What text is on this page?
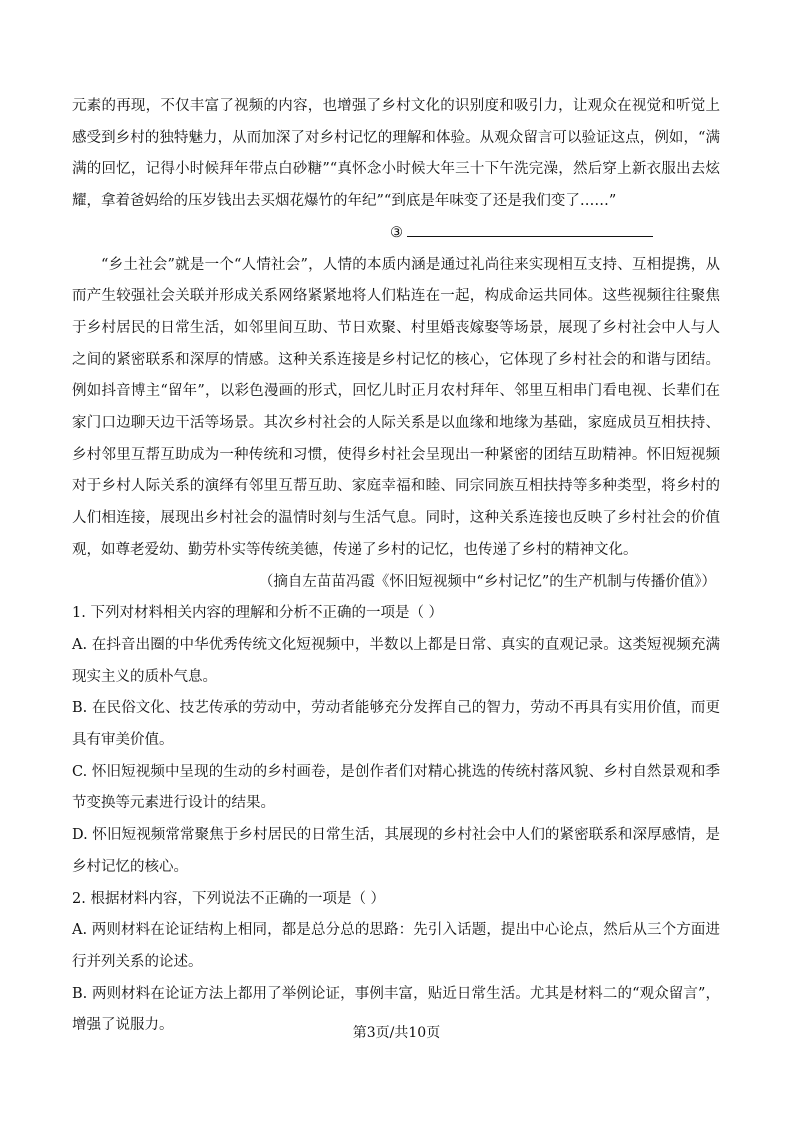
元素的再现，不仅丰富了视频的内容，也增强了乡村文化的识别度和吸引力，让观众在视觉和听觉上感受到乡村的独特魅力，从而加深了对乡村记忆的理解和体验。从观众留言可以验证这点，例如，“满满的回忆，记得小时候拜年带点白砂糖”“真怀念小时候大年三十下午洗完澡，然后穿上新衣服出去炫耀，拿着爸妈给的压岁钱出去买烟花爆竹的年纪”“到底是年味变了还是我们变了……”

③

“乡土社会”就是一个“人情社会”，人情的本质内涵是通过礼尚往来实现相互支持、互相提携，从而产生较强社会关联并形成关系网络紧紧地将人们粘连在一起，构成命运共同体。这些视频往往聚焦于乡村居民的日常生活，如邻里间互助、节日欢聚、村里婚丧嫁娶等场景，展现了乡村社会中人与人之间的紧密联系和深厚的情感。这种关系连接是乡村记忆的核心，它体现了乡村社会的和谐与团结。例如抖音博主“留年”，以彩色漫画的形式，回忆儿时正月农村拜年、邻里互相串门看电视、长辈们在家门口边聊天边干活等场景。其次乡村社会的人际关系是以血缘和地缘为基础，家庭成员互相扶持、乡村邻里互帮互助成为一种传统和习惯，使得乡村社会呈现出一种紧密的团结互助精神。怀旧短视频对于乡村人际关系的演绎有邻里互帮互助、家庭幸福和睦、同宗同族互相扶持等多种类型，将乡村的人们相连接，展现出乡村社会的温情时刻与生活气息。同时，这种关系连接也反映了乡村社会的价值观，如尊老爱幼、勤劳朴实等传统美德，传递了乡村的记忆，也传递了乡村的精神文化。

（摘自左苗苗冯霞《怀旧短视频中“乡村记忆”的生产机制与传播价值》）

1. 下列对材料相关内容的理解和分析不正确的一项是（ ）

A. 在抖音出圈的中华优秀传统文化短视频中，半数以上都是日常、真实的直观记录。这类短视频充满现实主义的质朴气息。

B. 在民俗文化、技艺传承的劳动中，劳动者能够充分发挥自己的智力，劳动不再具有实用价值，而更具有审美价值。

C. 怀旧短视频中呈现的生动的乡村画卷，是创作者们对精心挑选的传统村落风貌、乡村自然景观和季节变换等元素进行设计的结果。

D. 怀旧短视频常常聚焦于乡村居民的日常生活，其展现的乡村社会中人们的紧密联系和深厚感情，是乡村记忆的核心。

2. 根据材料内容，下列说法不正确的一项是（ ）

A. 两则材料在论证结构上相同，都是总分总的思路：先引入话题，提出中心论点，然后从三个方面进行并列关系的论述。

B. 两则材料在论证方法上都用了举例论证，事例丰富，贴近日常生活。尤其是材料二的“观众留言”，增强了说服力。	第3页/共10页
